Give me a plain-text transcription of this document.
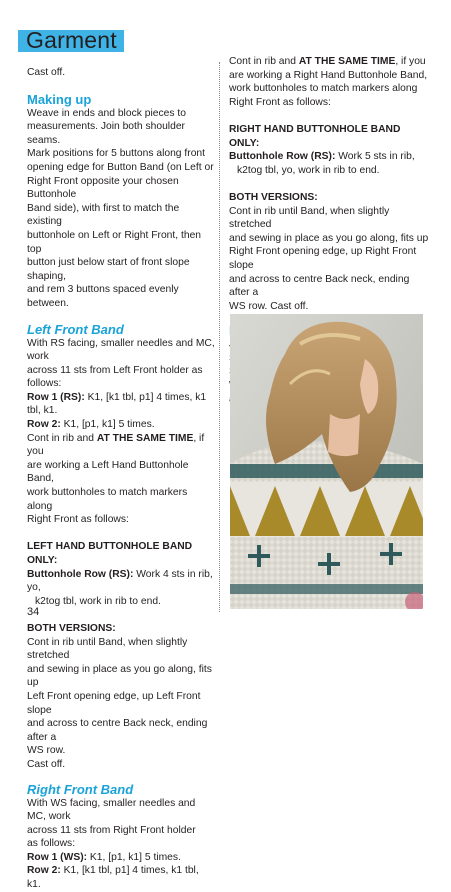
Garment

Cast off.

Making up

Weave in ends and block pieces to

measurements. Join both shoulder seams.

Mark positions for 5 buttons along front

opening edge for Button Band (on Left or

Right Front opposite your chosen Buttonhole

Band side), with first to match the existing

buttonhole on Left or Right Front, then top

button just below start of front slope shaping,

and rem 3 buttons spaced evenly between.

Left Front Band

With RS facing, smaller needles and MC, work

across 11 sts from Left Front holder as follows:

Row 1 (RS): K1, [k1 tbl, p1] 4 times, k1 tbl, k1.

Row 2: K1, [p1, k1] 5 times.

Cont in rib and AT THE SAME TIME, if you

are working a Left Hand Buttonhole Band,

work buttonholes to match markers along

Right Front as follows:

LEFT HAND BUTTONHOLE BAND ONLY:

Buttonhole Row (RS): Work 4 sts in rib, yo,

k2tog tbl, work in rib to end.

BOTH VERSIONS:

Cont in rib until Band, when slightly stretched

and sewing in place as you go along, fits up

Left Front opening edge, up Left Front slope

and across to centre Back neck, ending after a

WS row.

Cast off.

Right Front Band

With WS facing, smaller needles and MC, work

across 11 sts from Right Front holder

as follows:

Row 1 (WS): K1, [p1, k1] 5 times.

Row 2: K1, [k1 tbl, p1] 4 times, k1 tbl, k1.

Cont in rib and AT THE SAME TIME, if you

are working a Right Hand Buttonhole Band,

work buttonholes to match markers along

Right Front as follows:

RIGHT HAND BUTTONHOLE BAND ONLY:

Buttonhole Row (RS): Work 5 sts in rib,

k2tog tbl, yo, work in rib to end.

BOTH VERSIONS:

Cont in rib until Band, when slightly stretched

and sewing in place as you go along, fits up

Right Front opening edge, up Right Front slope

and across to centre Back neck, ending after a

WS row. Cast off.

34
